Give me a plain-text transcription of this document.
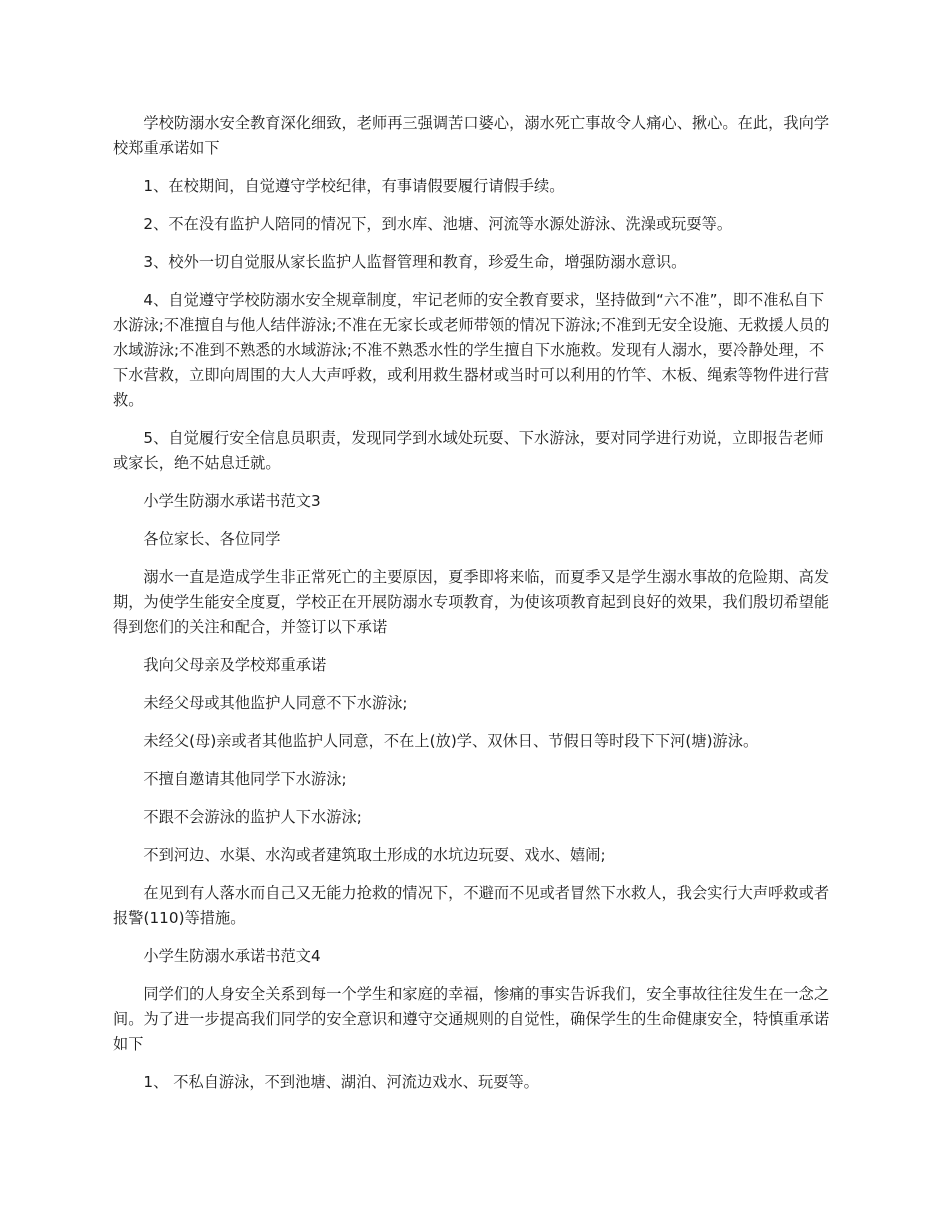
学校防溺水安全教育深化细致，老师再三强调苦口婆心，溺水死亡事故令人痛心、揪心。在此，我向学校郑重承诺如下

1、在校期间，自觉遵守学校纪律，有事请假要履行请假手续。

2、不在没有监护人陪同的情况下，到水库、池塘、河流等水源处游泳、洗澡或玩耍等。

3、校外一切自觉服从家长监护人监督管理和教育，珍爱生命，增强防溺水意识。

4、自觉遵守学校防溺水安全规章制度，牢记老师的安全教育要求，坚持做到“六不准”，即不准私自下水游泳;不准擅自与他人结伴游泳;不准在无家长或老师带领的情况下游泳;不准到无安全设施、无救援人员的水域游泳;不准到不熟悉的水域游泳;不准不熟悉水性的学生擅自下水施救。发现有人溺水，要冷静处理，不下水营救，立即向周围的大人大声呼救，或利用救生器材或当时可以利用的竹竿、木板、绳索等物件进行营救。

5、自觉履行安全信息员职责，发现同学到水域处玩耍、下水游泳，要对同学进行劝说，立即报告老师或家长，绝不姑息迁就。

小学生防溺水承诺书范文3

各位家长、各位同学

溺水一直是造成学生非正常死亡的主要原因，夏季即将来临，而夏季又是学生溺水事故的危险期、高发期，为使学生能安全度夏，学校正在开展防溺水专项教育，为使该项教育起到良好的效果，我们殷切希望能得到您们的关注和配合，并签订以下承诺

我向父母亲及学校郑重承诺

未经父母或其他监护人同意不下水游泳;

未经父(母)亲或者其他监护人同意，不在上(放)学、双休日、节假日等时段下下河(塘)游泳。

不擅自邀请其他同学下水游泳;

不跟不会游泳的监护人下水游泳;

不到河边、水渠、水沟或者建筑取土形成的水坑边玩耍、戏水、嬉闹;

在见到有人落水而自己又无能力抢救的情况下，不避而不见或者冒然下水救人，我会实行大声呼救或者报警(110)等措施。

小学生防溺水承诺书范文4

同学们的人身安全关系到每一个学生和家庭的幸福，惨痛的事实告诉我们，安全事故往往发生在一念之间。为了进一步提高我们同学的安全意识和遵守交通规则的自觉性，确保学生的生命健康安全，特慎重承诺如下

1、 不私自游泳，不到池塘、湖泊、河流边戏水、玩耍等。
